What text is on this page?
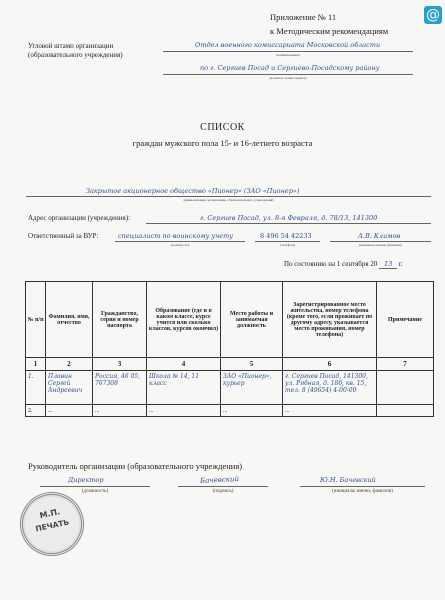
@
Приложение № 11
к Методическим рекомендациям
Угловой штамп организации
(образовательного учреждения)
Отдел военного комиссариата Московской области
(наименование)
по г. Сергиев Посад и Сергиево-Посадскому району
(военного комиссариата)
СПИСОК
граждан мужского пола 15- и 16-летнего возраста
Закрытое акционерное общество «Пионер» (ЗАО «Пионер»)
(наименование организации, образовательного учреждения)
Адрес организации (учреждения):	г. Сергиев Посад, ул. 8-я Февраля, д. 78/13, 141300
Ответственный за ВУР:	специалист по воинскому учету
(должность)
8 496 54 42233
(телефон)
А.В. Климов
(инициалы имени, фамилия)
По состоянию на 1 сентября 20 13 г.
№ п/п	Фамилия, имя, отчество	Гражданство, серия и номер паспорта	Образование (где и в каком классе, курсе учится или сколько классов, курсов окончил)	Место работы и занимаемая должность	Зарегистрированное место жительства, номер телефона (кроме того, если проживает по другому адресу, указывается место проживания, номер телефона)	Примечание
1	2	3	4	5	6	7
1.	Плавин Сергей Андреевич	Россия, 46 05, 767308	Школа № 14, 11 класс	ЗАО «Пионер», курьер	г. Сергиев Посад, 141300, ул. Рябная, д. 18б, кв. 15, тел. 8 (49654) 4-00-00	
2.	...	...	...	...	...	
Руководитель организации (образовательного учреждения)
Директор
(должность)
Бачевский
(подпись)
Ю.Н. Бачевский
(инициалы имени, фамилия)
М.П.
ПЕЧАТЬ
